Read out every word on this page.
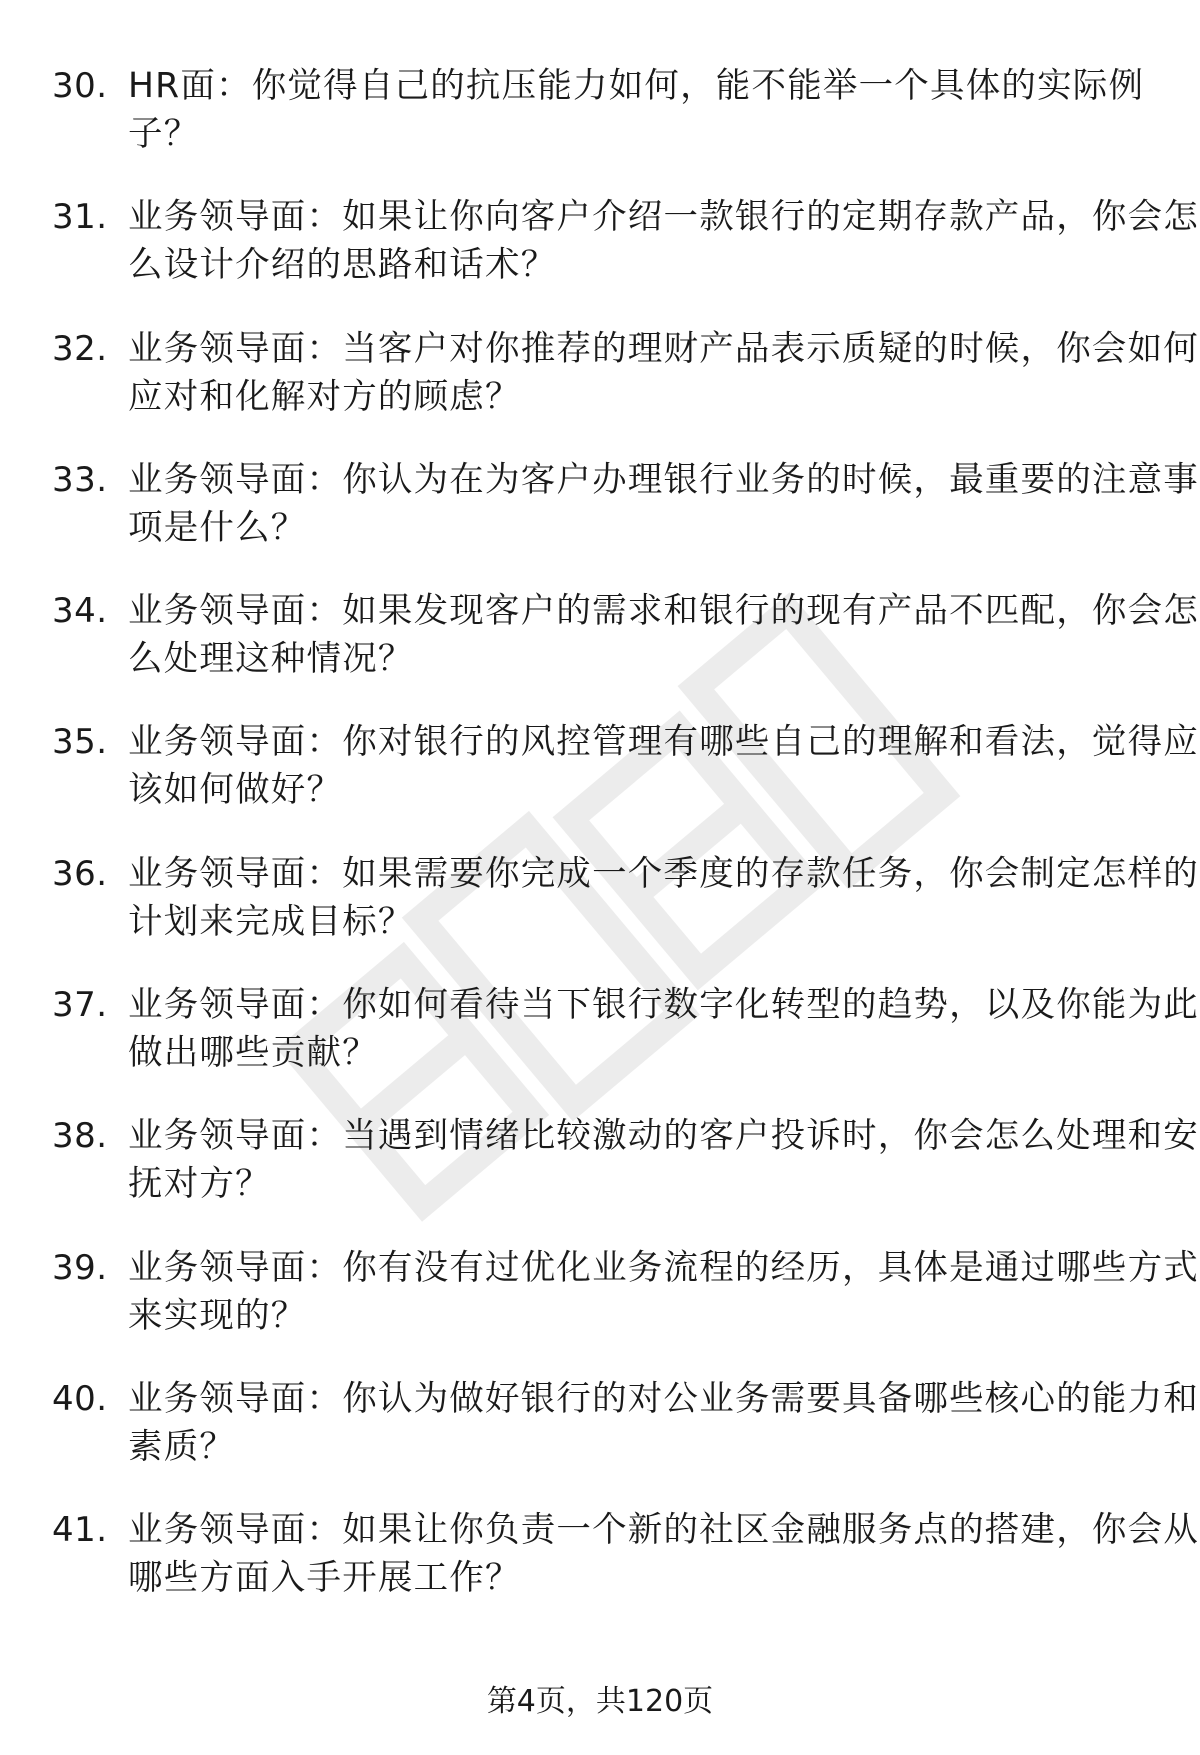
30. HR面：你觉得自己的抗压能力如何，能不能举一个具体的实际例子？
31. 业务领导面：如果让你向客户介绍一款银行的定期存款产品，你会怎么设计介绍的思路和话术？
32. 业务领导面：当客户对你推荐的理财产品表示质疑的时候，你会如何应对和化解对方的顾虑？
33. 业务领导面：你认为在为客户办理银行业务的时候，最重要的注意事项是什么？
34. 业务领导面：如果发现客户的需求和银行的现有产品不匹配，你会怎么处理这种情况？
35. 业务领导面：你对银行的风控管理有哪些自己的理解和看法，觉得应该如何做好？
36. 业务领导面：如果需要你完成一个季度的存款任务，你会制定怎样的计划来完成目标？
37. 业务领导面：你如何看待当下银行数字化转型的趋势，以及你能为此做出哪些贡献？
38. 业务领导面：当遇到情绪比较激动的客户投诉时，你会怎么处理和安抚对方？
39. 业务领导面：你有没有过优化业务流程的经历，具体是通过哪些方式来实现的？
40. 业务领导面：你认为做好银行的对公业务需要具备哪些核心的能力和素质？
41. 业务领导面：如果让你负责一个新的社区金融服务点的搭建，你会从哪些方面入手开展工作？
第4页，共120页
